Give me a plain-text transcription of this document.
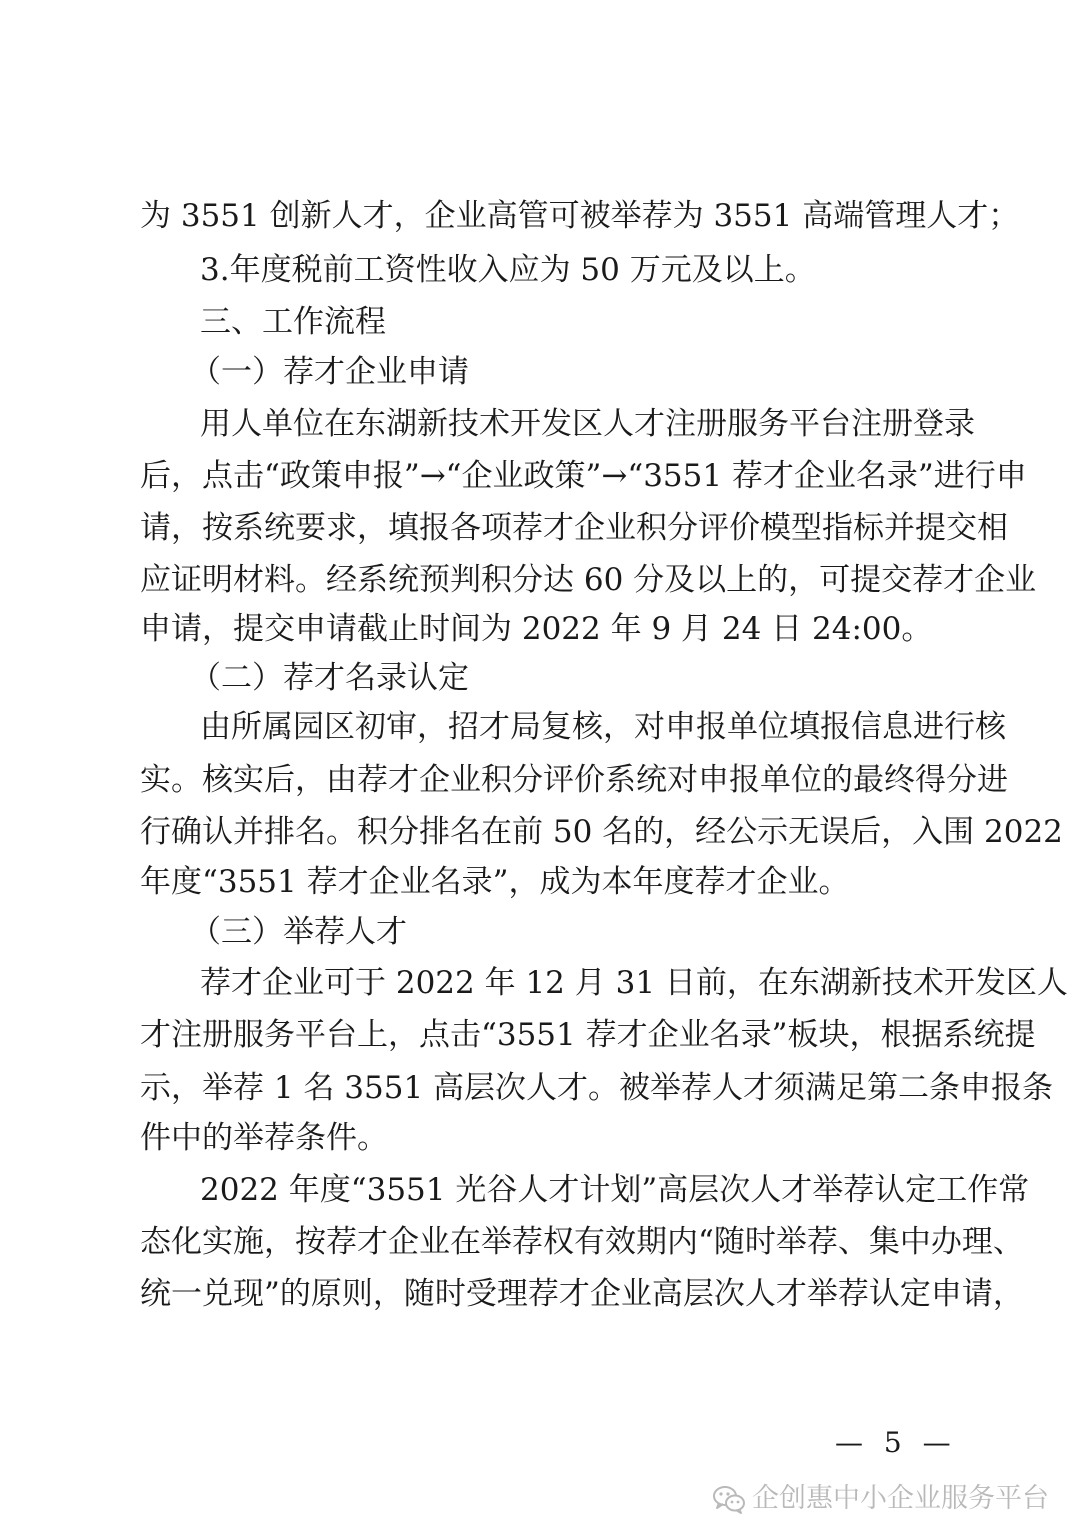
为 3551 创新人才，企业高管可被举荐为 3551 高端管理人才；
3.年度税前工资性收入应为 50 万元及以上。
三、工作流程
（一）荐才企业申请
用人单位在东湖新技术开发区人才注册服务平台注册登录
后，点击“政策申报”→“企业政策”→“3551 荐才企业名录”进行申
请，按系统要求，填报各项荐才企业积分评价模型指标并提交相
应证明材料。经系统预判积分达 60 分及以上的，可提交荐才企业
申请，提交申请截止时间为 2022 年 9 月 24 日 24:00。
（二）荐才名录认定
由所属园区初审，招才局复核，对申报单位填报信息进行核
实。核实后，由荐才企业积分评价系统对申报单位的最终得分进
行确认并排名。积分排名在前 50 名的，经公示无误后，入围 2022
年度“3551 荐才企业名录”，成为本年度荐才企业。
（三）举荐人才
荐才企业可于 2022 年 12 月 31 日前，在东湖新技术开发区人
才注册服务平台上，点击“3551 荐才企业名录”板块，根据系统提
示，举荐 1 名 3551 高层次人才。被举荐人才须满足第二条申报条
件中的举荐条件。
2022 年度“3551 光谷人才计划”高层次人才举荐认定工作常
态化实施，按荐才企业在举荐权有效期内“随时举荐、集中办理、
统一兑现”的原则，随时受理荐才企业高层次人才举荐认定申请，
— 5 —
企创惠中小企业服务平台
